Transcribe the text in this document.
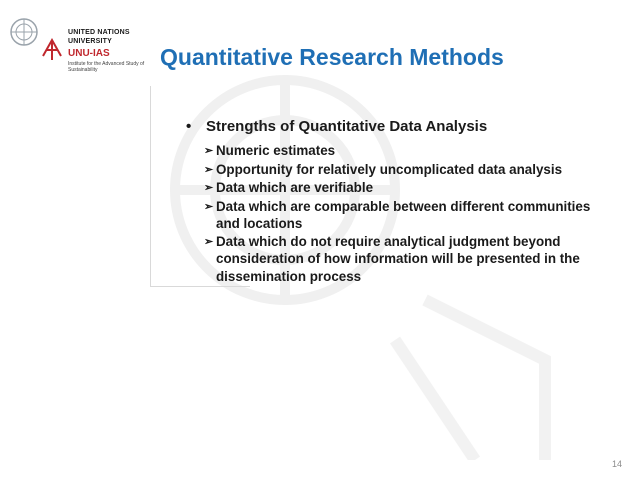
UNITED NATIONS
UNIVERSITY
UNU-IAS
Institute for the Advanced Study of Sustainability	Quantitative Research Methods
• Strengths of Quantitative Data Analysis
➢ Numeric estimates
➢ Opportunity for relatively uncomplicated data analysis
➢ Data which are verifiable
➢ Data which are comparable between different communities and locations
➢ Data which do not require analytical judgment beyond consideration of how information will be presented in the dissemination process
14
